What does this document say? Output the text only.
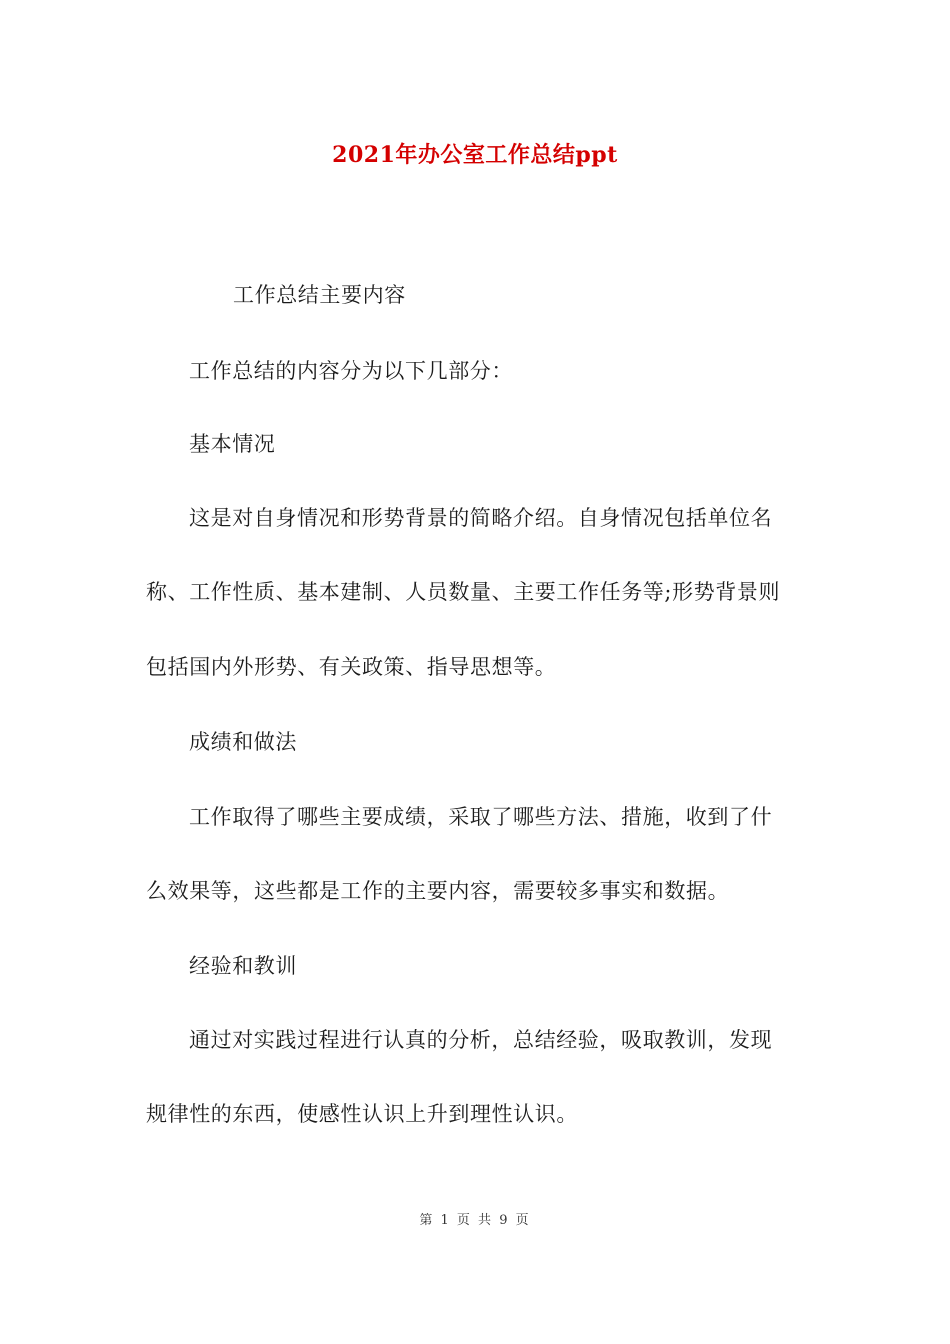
2021年办公室工作总结ppt
工作总结主要内容
工作总结的内容分为以下几部分：
基本情况
这是对自身情况和形势背景的简略介绍。自身情况包括单位名
称、工作性质、基本建制、人员数量、主要工作任务等;形势背景则
包括国内外形势、有关政策、指导思想等。
成绩和做法
工作取得了哪些主要成绩，采取了哪些方法、措施，收到了什
么效果等，这些都是工作的主要内容，需要较多事实和数据。
经验和教训
通过对实践过程进行认真的分析，总结经验，吸取教训，发现
规律性的东西，使感性认识上升到理性认识。
第 1 页 共 9 页
